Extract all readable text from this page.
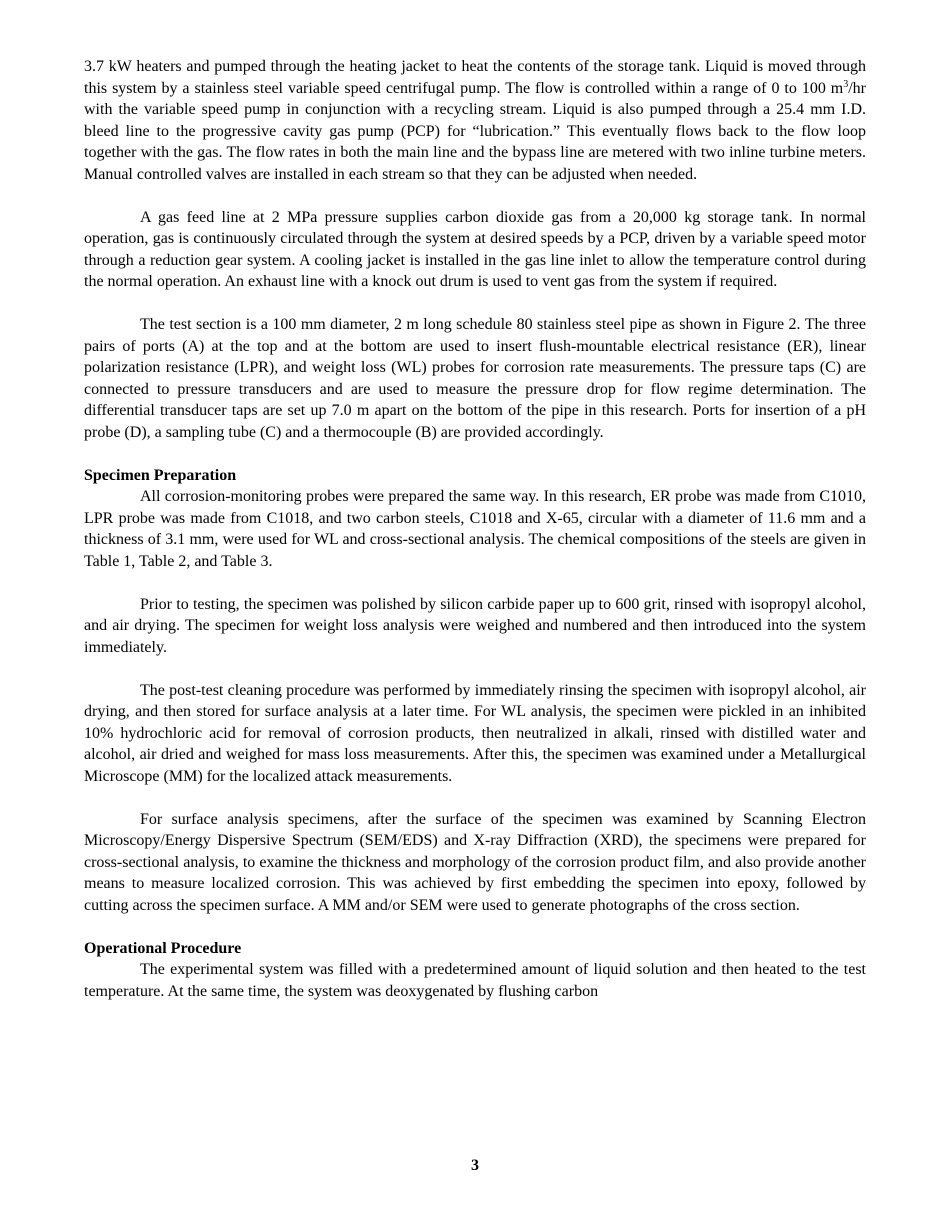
3.7 kW heaters and pumped through the heating jacket to heat the contents of the storage tank. Liquid is moved through this system by a stainless steel variable speed centrifugal pump. The flow is controlled within a range of 0 to 100 $m^3/hr$ with the variable speed pump in conjunction with a recycling stream. Liquid is also pumped through a 25.4 mm I.D. bleed line to the progressive cavity gas pump (PCP) for “lubrication.” This eventually flows back to the flow loop together with the gas. The flow rates in both the main line and the bypass line are metered with two inline turbine meters. Manual controlled valves are installed in each stream so that they can be adjusted when needed.

A gas feed line at 2 MPa pressure supplies carbon dioxide gas from a 20,000 kg storage tank. In normal operation, gas is continuously circulated through the system at desired speeds by a PCP, driven by a variable speed motor through a reduction gear system. A cooling jacket is installed in the gas line inlet to allow the temperature control during the normal operation. An exhaust line with a knock out drum is used to vent gas from the system if required.

The test section is a 100 mm diameter, 2 m long schedule 80 stainless steel pipe as shown in Figure 2. The three pairs of ports (A) at the top and at the bottom are used to insert flush-mountable electrical resistance (ER), linear polarization resistance (LPR), and weight loss (WL) probes for corrosion rate measurements. The pressure taps (C) are connected to pressure transducers and are used to measure the pressure drop for flow regime determination. The differential transducer taps are set up 7.0 m apart on the bottom of the pipe in this research. Ports for insertion of a pH probe (D), a sampling tube (C) and a thermocouple (B) are provided accordingly.

Specimen Preparation

All corrosion-monitoring probes were prepared the same way. In this research, ER probe was made from C1010, LPR probe was made from C1018, and two carbon steels, C1018 and X-65, circular with a diameter of 11.6 mm and a thickness of 3.1 mm, were used for WL and cross-sectional analysis. The chemical compositions of the steels are given in Table 1, Table 2, and Table 3.

Prior to testing, the specimen was polished by silicon carbide paper up to 600 grit, rinsed with isopropyl alcohol, and air drying. The specimen for weight loss analysis were weighed and numbered and then introduced into the system immediately.

The post-test cleaning procedure was performed by immediately rinsing the specimen with isopropyl alcohol, air drying, and then stored for surface analysis at a later time. For WL analysis, the specimen were pickled in an inhibited 10% hydrochloric acid for removal of corrosion products, then neutralized in alkali, rinsed with distilled water and alcohol, air dried and weighed for mass loss measurements. After this, the specimen was examined under a Metallurgical Microscope (MM) for the localized attack measurements.

For surface analysis specimens, after the surface of the specimen was examined by Scanning Electron Microscopy/Energy Dispersive Spectrum (SEM/EDS) and X-ray Diffraction (XRD), the specimens were prepared for cross-sectional analysis, to examine the thickness and morphology of the corrosion product film, and also provide another means to measure localized corrosion. This was achieved by first embedding the specimen into epoxy, followed by cutting across the specimen surface. A MM and/or SEM were used to generate photographs of the cross section.

Operational Procedure

The experimental system was filled with a predetermined amount of liquid solution and then heated to the test temperature. At the same time, the system was deoxygenated by flushing carbon

3
